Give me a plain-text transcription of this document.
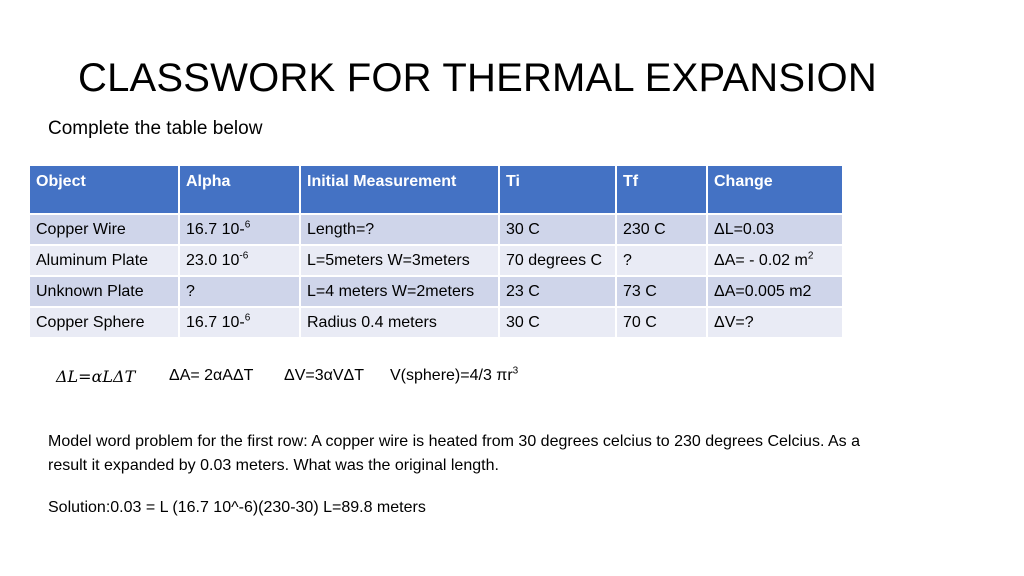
CLASSWORK FOR THERMAL EXPANSION
Complete the table below
Object	Alpha	Initial Measurement	Ti	Tf	Change
Copper Wire	16.7 10-$^6$	Length=?	30 C	230 C	ΔL=0.03
Aluminum Plate	23.0 $10^{-6}$	L=5meters W=3meters	70 degrees C	?	ΔA= - 0.02 $m^2$
Unknown Plate	?	L=4 meters W=2meters	23 C	73 C	ΔA=0.005 m2
Copper Sphere	16.7 10-$^6$	Radius 0.4 meters	30 C	70 C	ΔV=?
ΔL=αLΔT ΔA= 2αAΔT ΔV=3αVΔT V(sphere)=4/3 $\pi r^3$
Model word problem for the first row: A copper wire is heated from 30 degrees celcius to 230 degrees Celcius. As a result it expanded by 0.03 meters. What was the original length.
Solution:0.03 = L (16.7 10^-6)(230-30) L=89.8 meters
